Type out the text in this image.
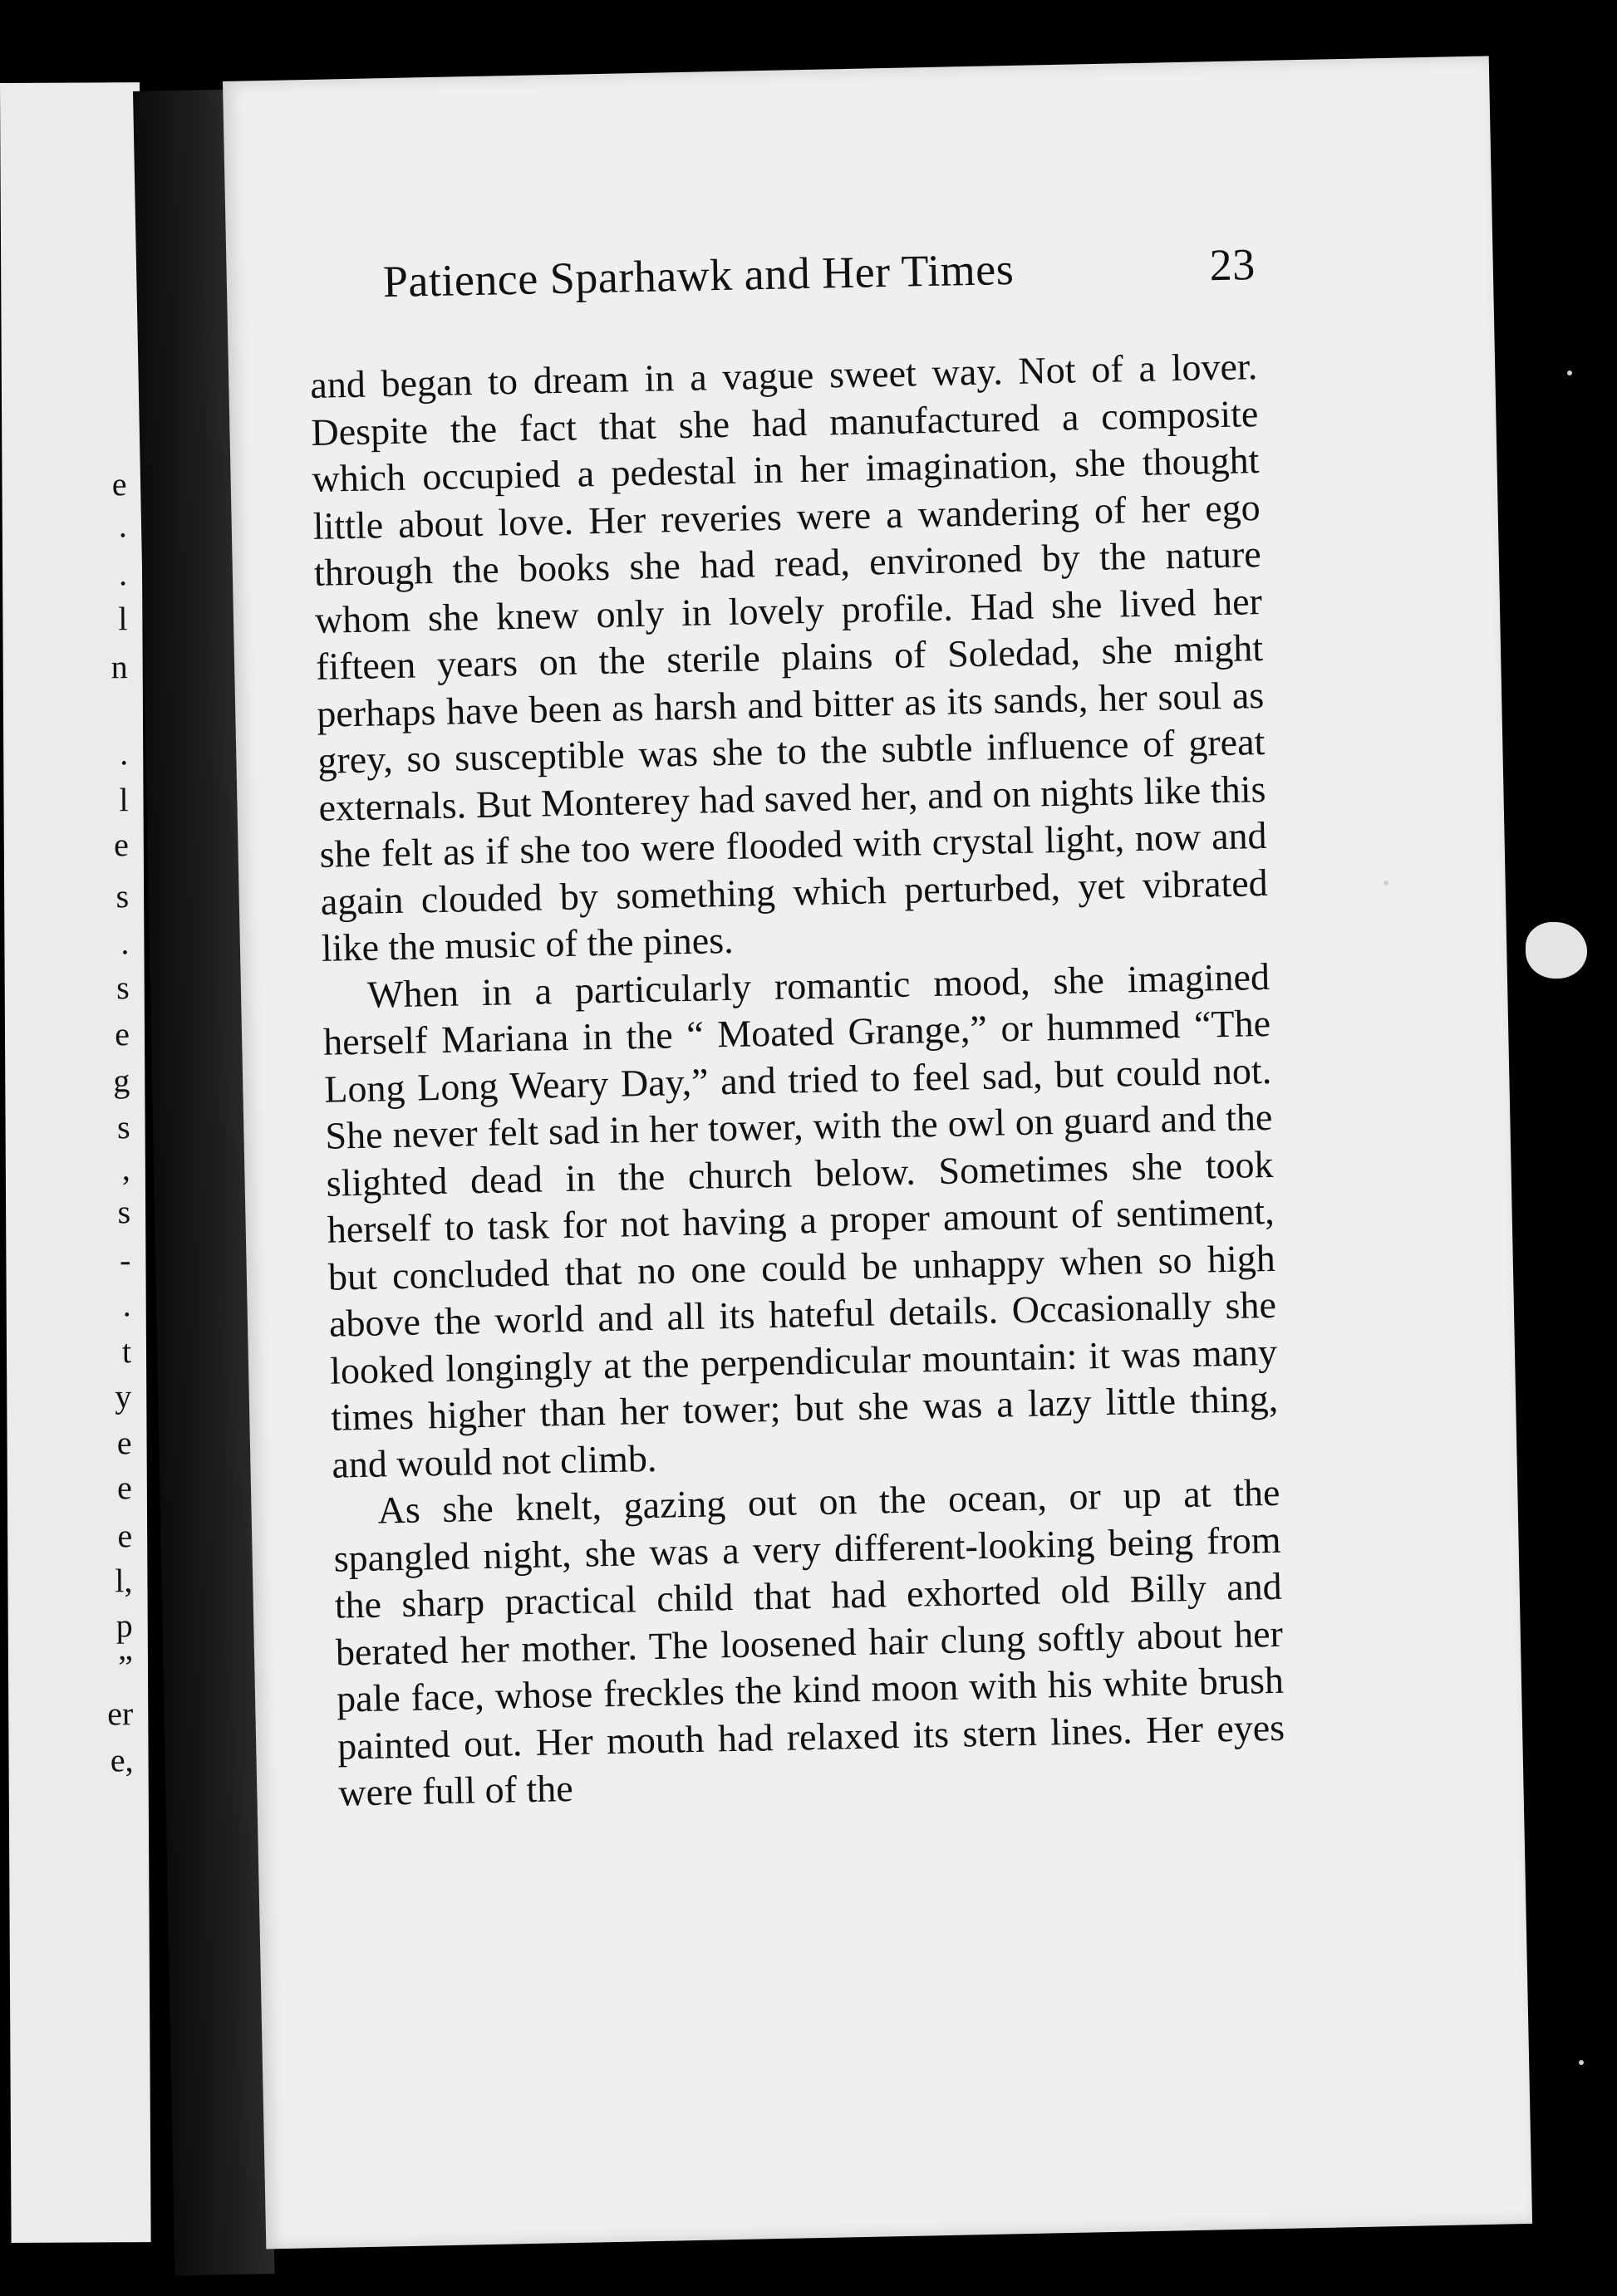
e
.
.
l
n
.
l
e
s
.
s
e
g
s
,
s
-
.
t
y
e
e
e
l,
p
”
er
e,
Patience Sparhawk and Her Times	23

and began to dream in a vague sweet way. Not of a lover. Despite the fact that she had manufactured a composite which occupied a pedestal in her imagination, she thought little about love. Her reveries were a wandering of her ego through the books she had read, environed by the nature whom she knew only in lovely profile. Had she lived her fifteen years on the sterile plains of Soledad, she might perhaps have been as harsh and bitter as its sands, her soul as grey, so susceptible was she to the subtle influence of great externals. But Monterey had saved her, and on nights like this she felt as if she too were flooded with crystal light, now and again clouded by something which perturbed, yet vibrated like the music of the pines.

When in a particularly romantic mood, she imagined herself Mariana in the “ Moated Grange,” or hummed “The Long Long Weary Day,” and tried to feel sad, but could not. She never felt sad in her tower, with the owl on guard and the slighted dead in the church below. Sometimes she took herself to task for not having a proper amount of sentiment, but concluded that no one could be unhappy when so high above the world and all its hateful details. Occasionally she looked longingly at the perpendicular mountain: it was many times higher than her tower; but she was a lazy little thing, and would not climb.

As she knelt, gazing out on the ocean, or up at the spangled night, she was a very different-looking being from the sharp practical child that had exhorted old Billy and berated her mother. The loosened hair clung softly about her pale face, whose freckles the kind moon with his white brush painted out. Her mouth had relaxed its stern lines. Her eyes were full of the
